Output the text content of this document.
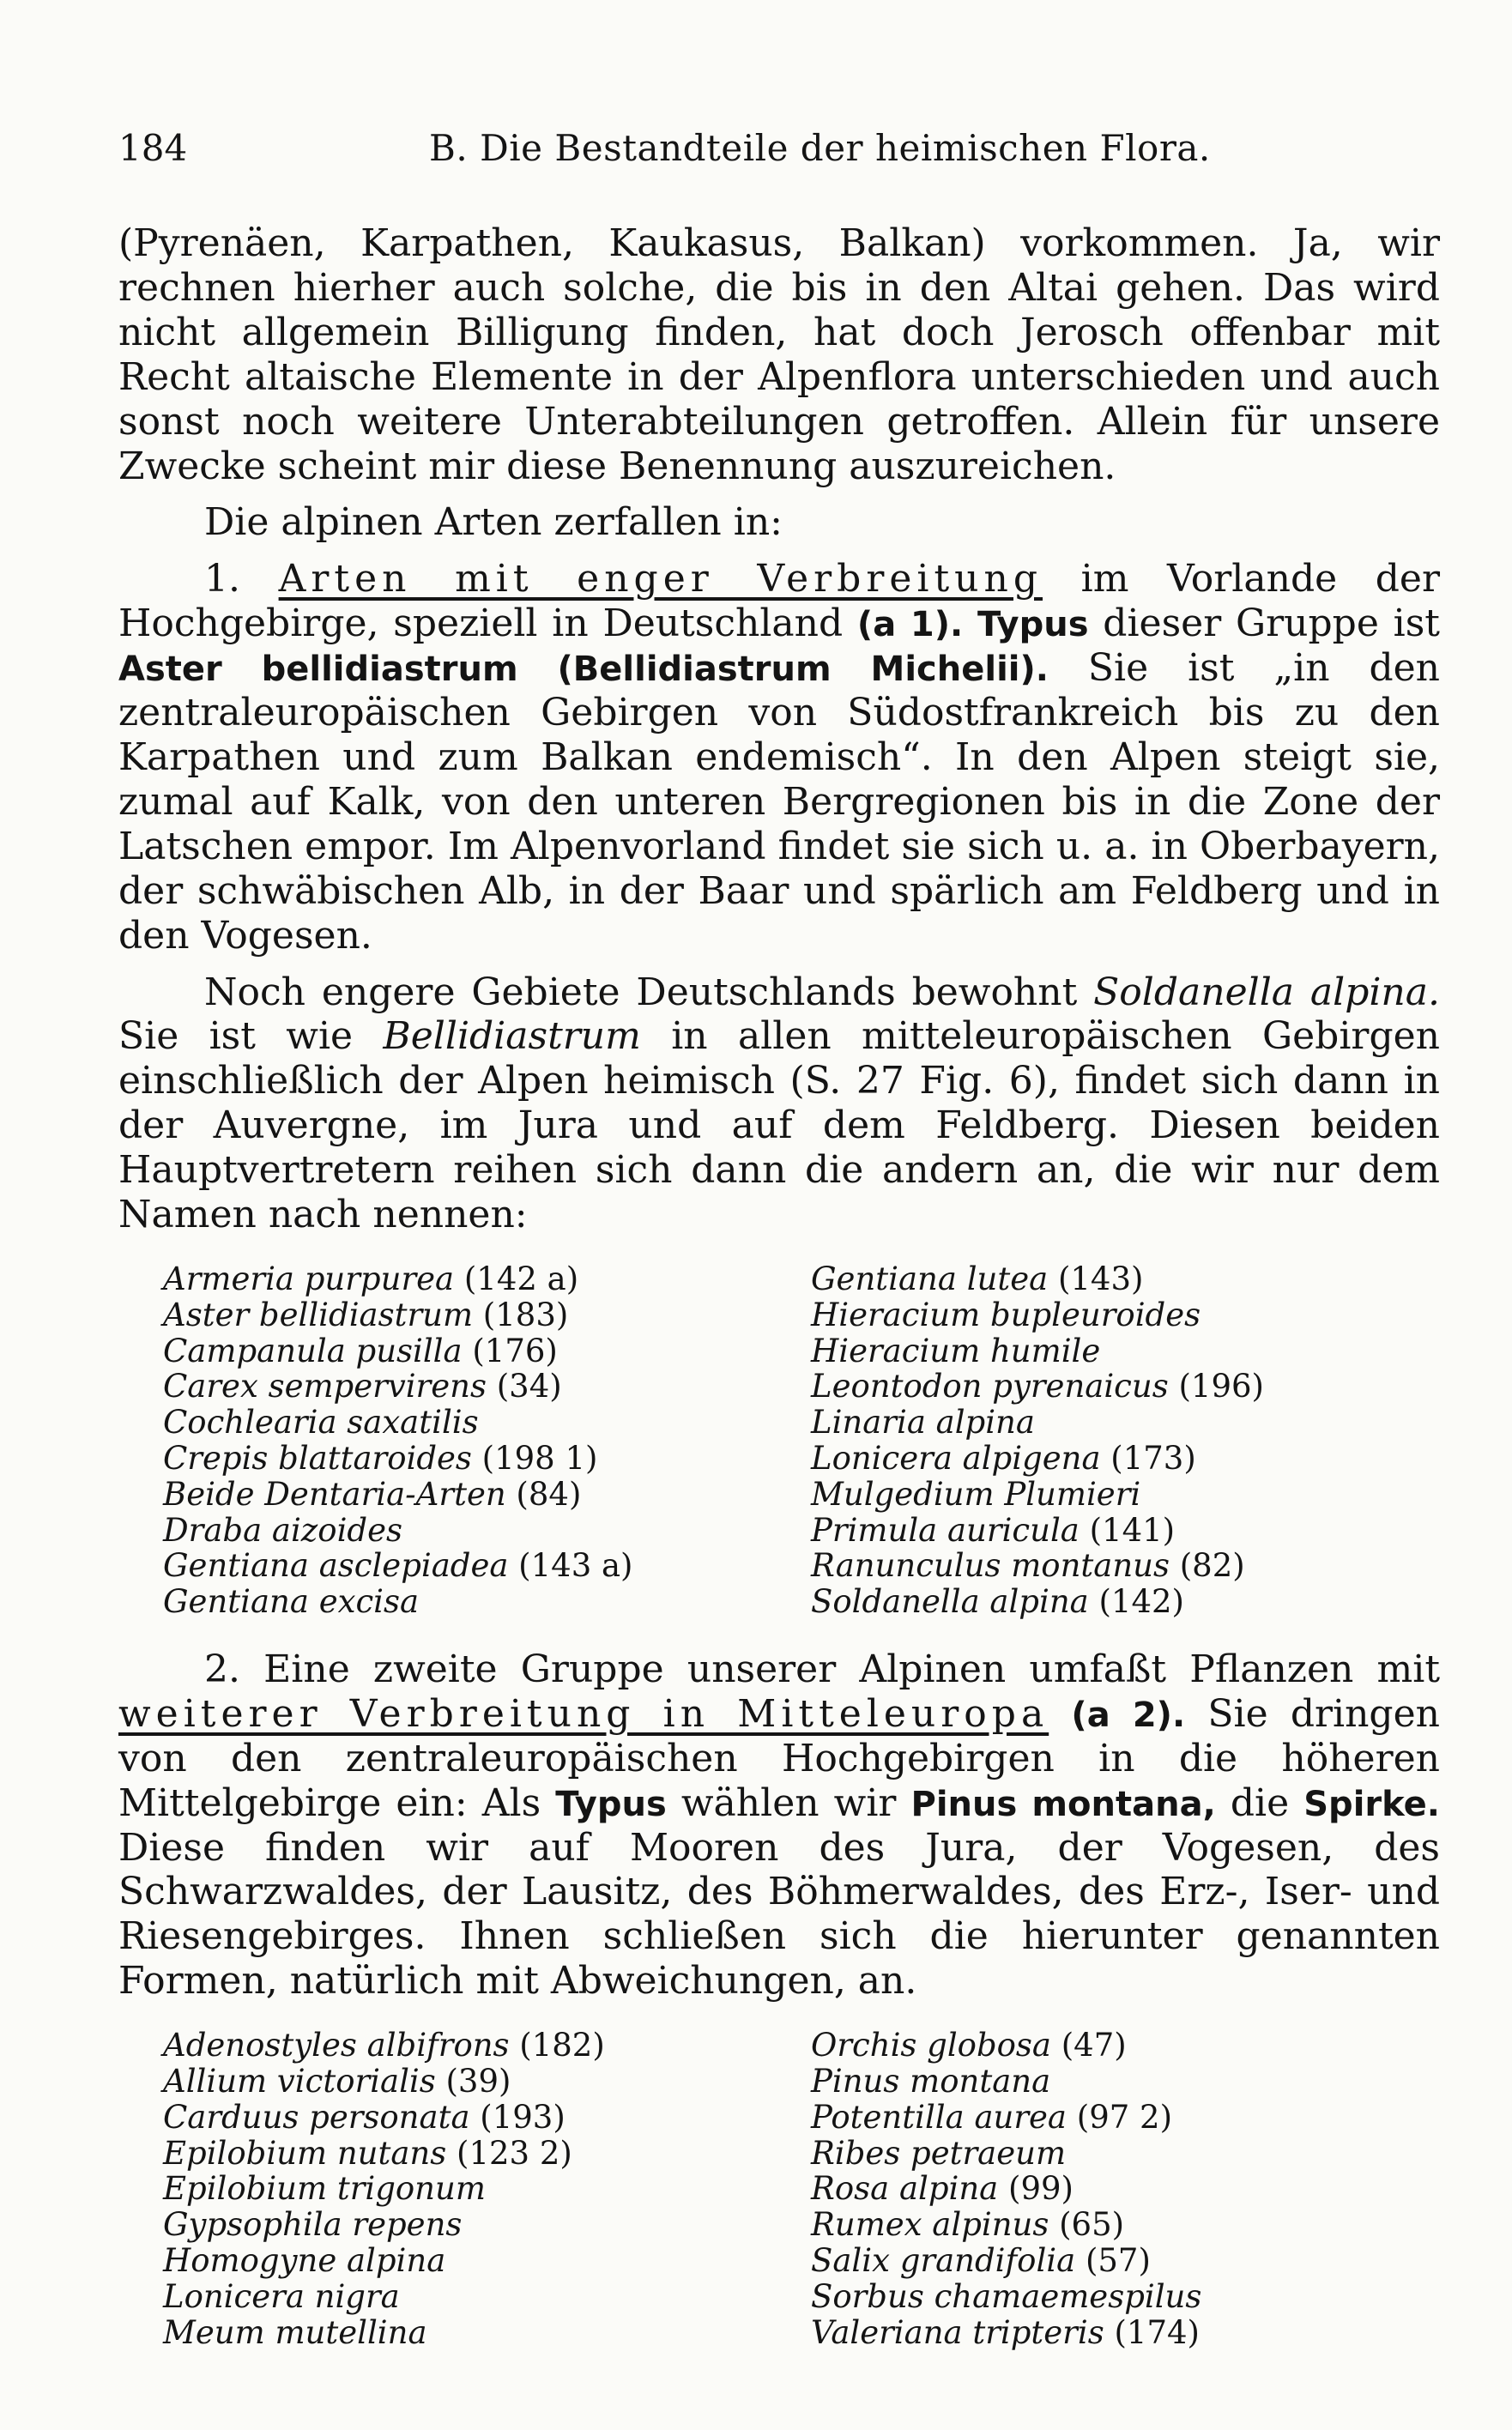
184	B. Die Bestandteile der heimischen Flora.

(Pyrenäen, Karpathen, Kaukasus, Balkan) vorkommen. Ja, wir rechnen hierher auch solche, die bis in den Altai gehen. Das wird nicht allgemein Billigung finden, hat doch Jerosch offenbar mit Recht altaische Elemente in der Alpenflora unterschieden und auch sonst noch weitere Unterabteilungen getroffen. Allein für unsere Zwecke scheint mir diese Benennung auszureichen.

Die alpinen Arten zerfallen in:

1. Arten mit enger Verbreitung im Vorlande der Hochgebirge, speziell in Deutschland (a 1). Typus dieser Gruppe ist Aster bellidiastrum (Bellidiastrum Michelii). Sie ist „in den zentraleuropäischen Gebirgen von Südostfrankreich bis zu den Karpathen und zum Balkan endemisch“. In den Alpen steigt sie, zumal auf Kalk, von den unteren Bergregionen bis in die Zone der Latschen empor. Im Alpenvorland findet sie sich u. a. in Oberbayern, der schwäbischen Alb, in der Baar und spärlich am Feldberg und in den Vogesen.

Noch engere Gebiete Deutschlands bewohnt Soldanella alpina. Sie ist wie Bellidiastrum in allen mitteleuropäischen Gebirgen einschließlich der Alpen heimisch (S. 27 Fig. 6), findet sich dann in der Auvergne, im Jura und auf dem Feldberg. Diesen beiden Hauptvertretern reihen sich dann die andern an, die wir nur dem Namen nach nennen:

Armeria purpurea (142 a)	Gentiana lutea (143)
Aster bellidiastrum (183)	Hieracium bupleuroides
Campanula pusilla (176)	Hieracium humile
Carex sempervirens (34)	Leontodon pyrenaicus (196)
Cochlearia saxatilis	Linaria alpina
Crepis blattaroides (198 1)	Lonicera alpigena (173)
Beide Dentaria-Arten (84)	Mulgedium Plumieri
Draba aizoides	Primula auricula (141)
Gentiana asclepiadea (143 a)	Ranunculus montanus (82)
Gentiana excisa	Soldanella alpina (142)

2. Eine zweite Gruppe unserer Alpinen umfaßt Pflanzen mit weiterer Verbreitung in Mitteleuropa (a 2). Sie dringen von den zentraleuropäischen Hochgebirgen in die höheren Mittelgebirge ein: Als Typus wählen wir Pinus montana, die Spirke. Diese finden wir auf Mooren des Jura, der Vogesen, des Schwarzwaldes, der Lausitz, des Böhmerwaldes, des Erz-, Iser- und Riesengebirges. Ihnen schließen sich die hierunter genannten Formen, natürlich mit Abweichungen, an.

Adenostyles albifrons (182)	Orchis globosa (47)
Allium victorialis (39)	Pinus montana
Carduus personata (193)	Potentilla aurea (97 2)
Epilobium nutans (123 2)	Ribes petraeum
Epilobium trigonum	Rosa alpina (99)
Gypsophila repens	Rumex alpinus (65)
Homogyne alpina	Salix grandifolia (57)
Lonicera nigra	Sorbus chamaemespilus
Meum mutellina	Valeriana tripteris (174)
